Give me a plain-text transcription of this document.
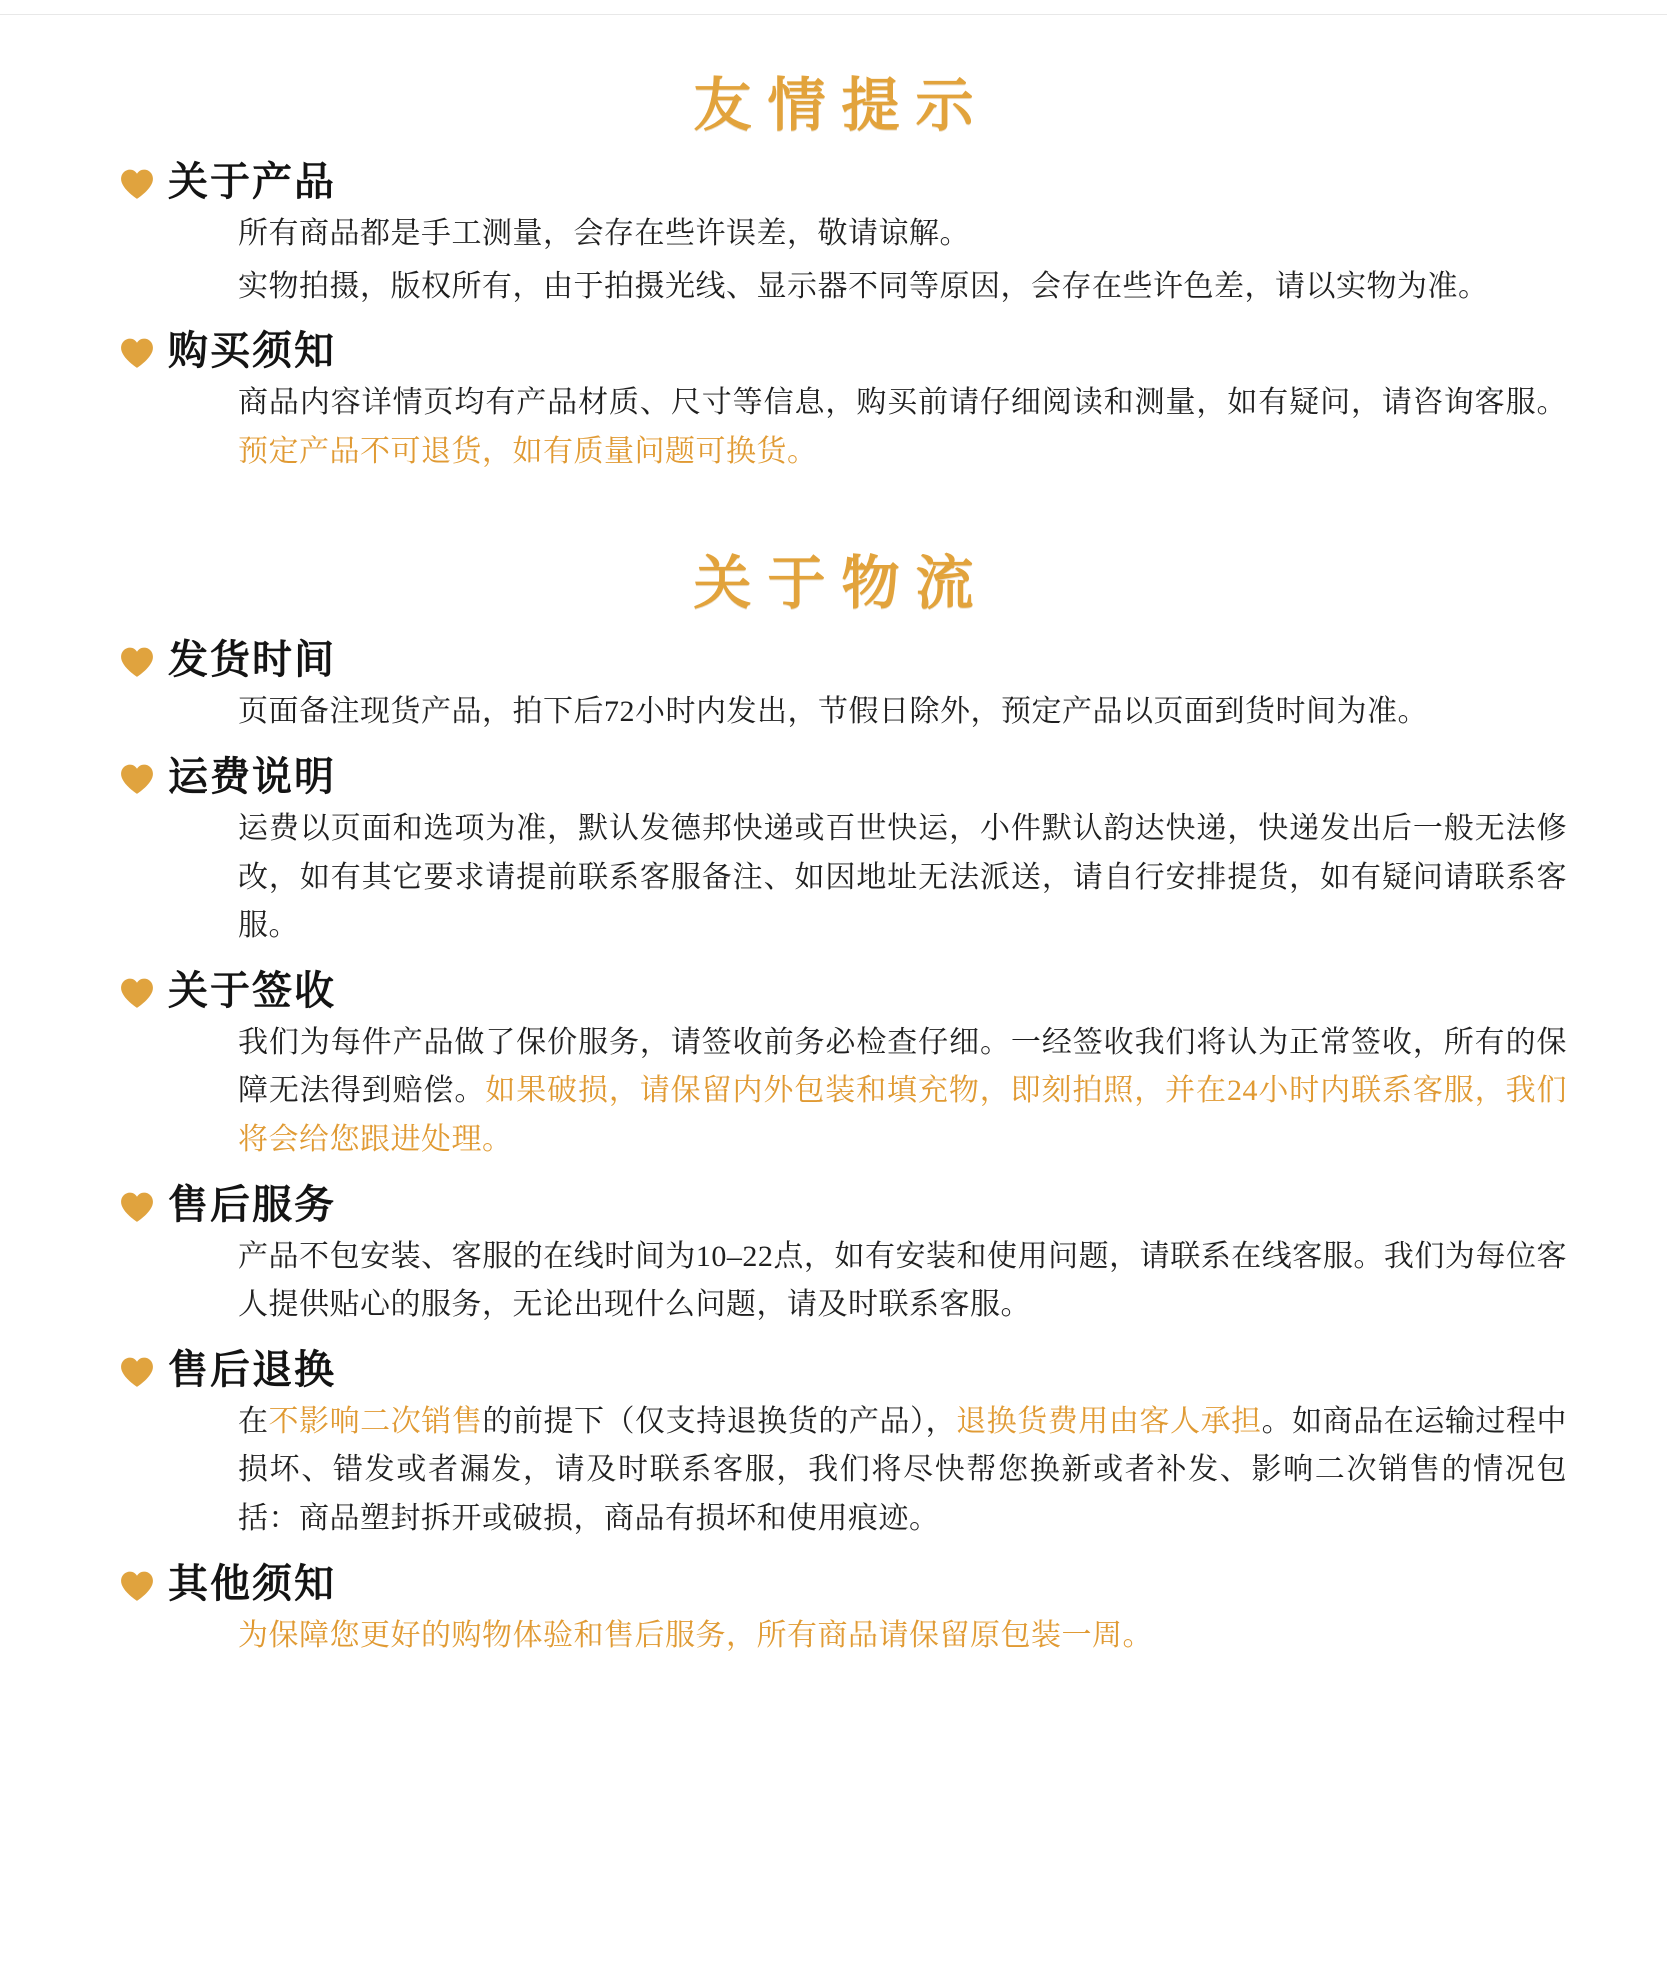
友情提示
关于产品

所有商品都是手工测量，会存在些许误差，敬请谅解。

实物拍摄，版权所有，由于拍摄光线、显示器不同等原因，会存在些许色差，请以实物为准。

购买须知

商品内容详情页均有产品材质、尺寸等信息，购买前请仔细阅读和测量，如有疑问，请咨询客服。预定产品不可退货，如有质量问题可换货。

关于物流
发货时间

页面备注现货产品，拍下后72小时内发出，节假日除外，预定产品以页面到货时间为准。

运费说明

运费以页面和选项为准，默认发德邦快递或百世快运，小件默认韵达快递，快递发出后一般无法修改，如有其它要求请提前联系客服备注、如因地址无法派送，请自行安排提货，如有疑问请联系客服。

关于签收

我们为每件产品做了保价服务，请签收前务必检查仔细。一经签收我们将认为正常签收，所有的保障无法得到赔偿。如果破损，请保留内外包装和填充物，即刻拍照，并在24小时内联系客服，我们将会给您跟进处理。

售后服务

产品不包安装、客服的在线时间为10–22点，如有安装和使用问题，请联系在线客服。我们为每位客人提供贴心的服务，无论出现什么问题，请及时联系客服。

售后退换

在不影响二次销售的前提下（仅支持退换货的产品），退换货费用由客人承担。如商品在运输过程中损坏、错发或者漏发，请及时联系客服，我们将尽快帮您换新或者补发、影响二次销售的情况包括：商品塑封拆开或破损，商品有损坏和使用痕迹。

其他须知

为保障您更好的购物体验和售后服务，所有商品请保留原包装一周。
